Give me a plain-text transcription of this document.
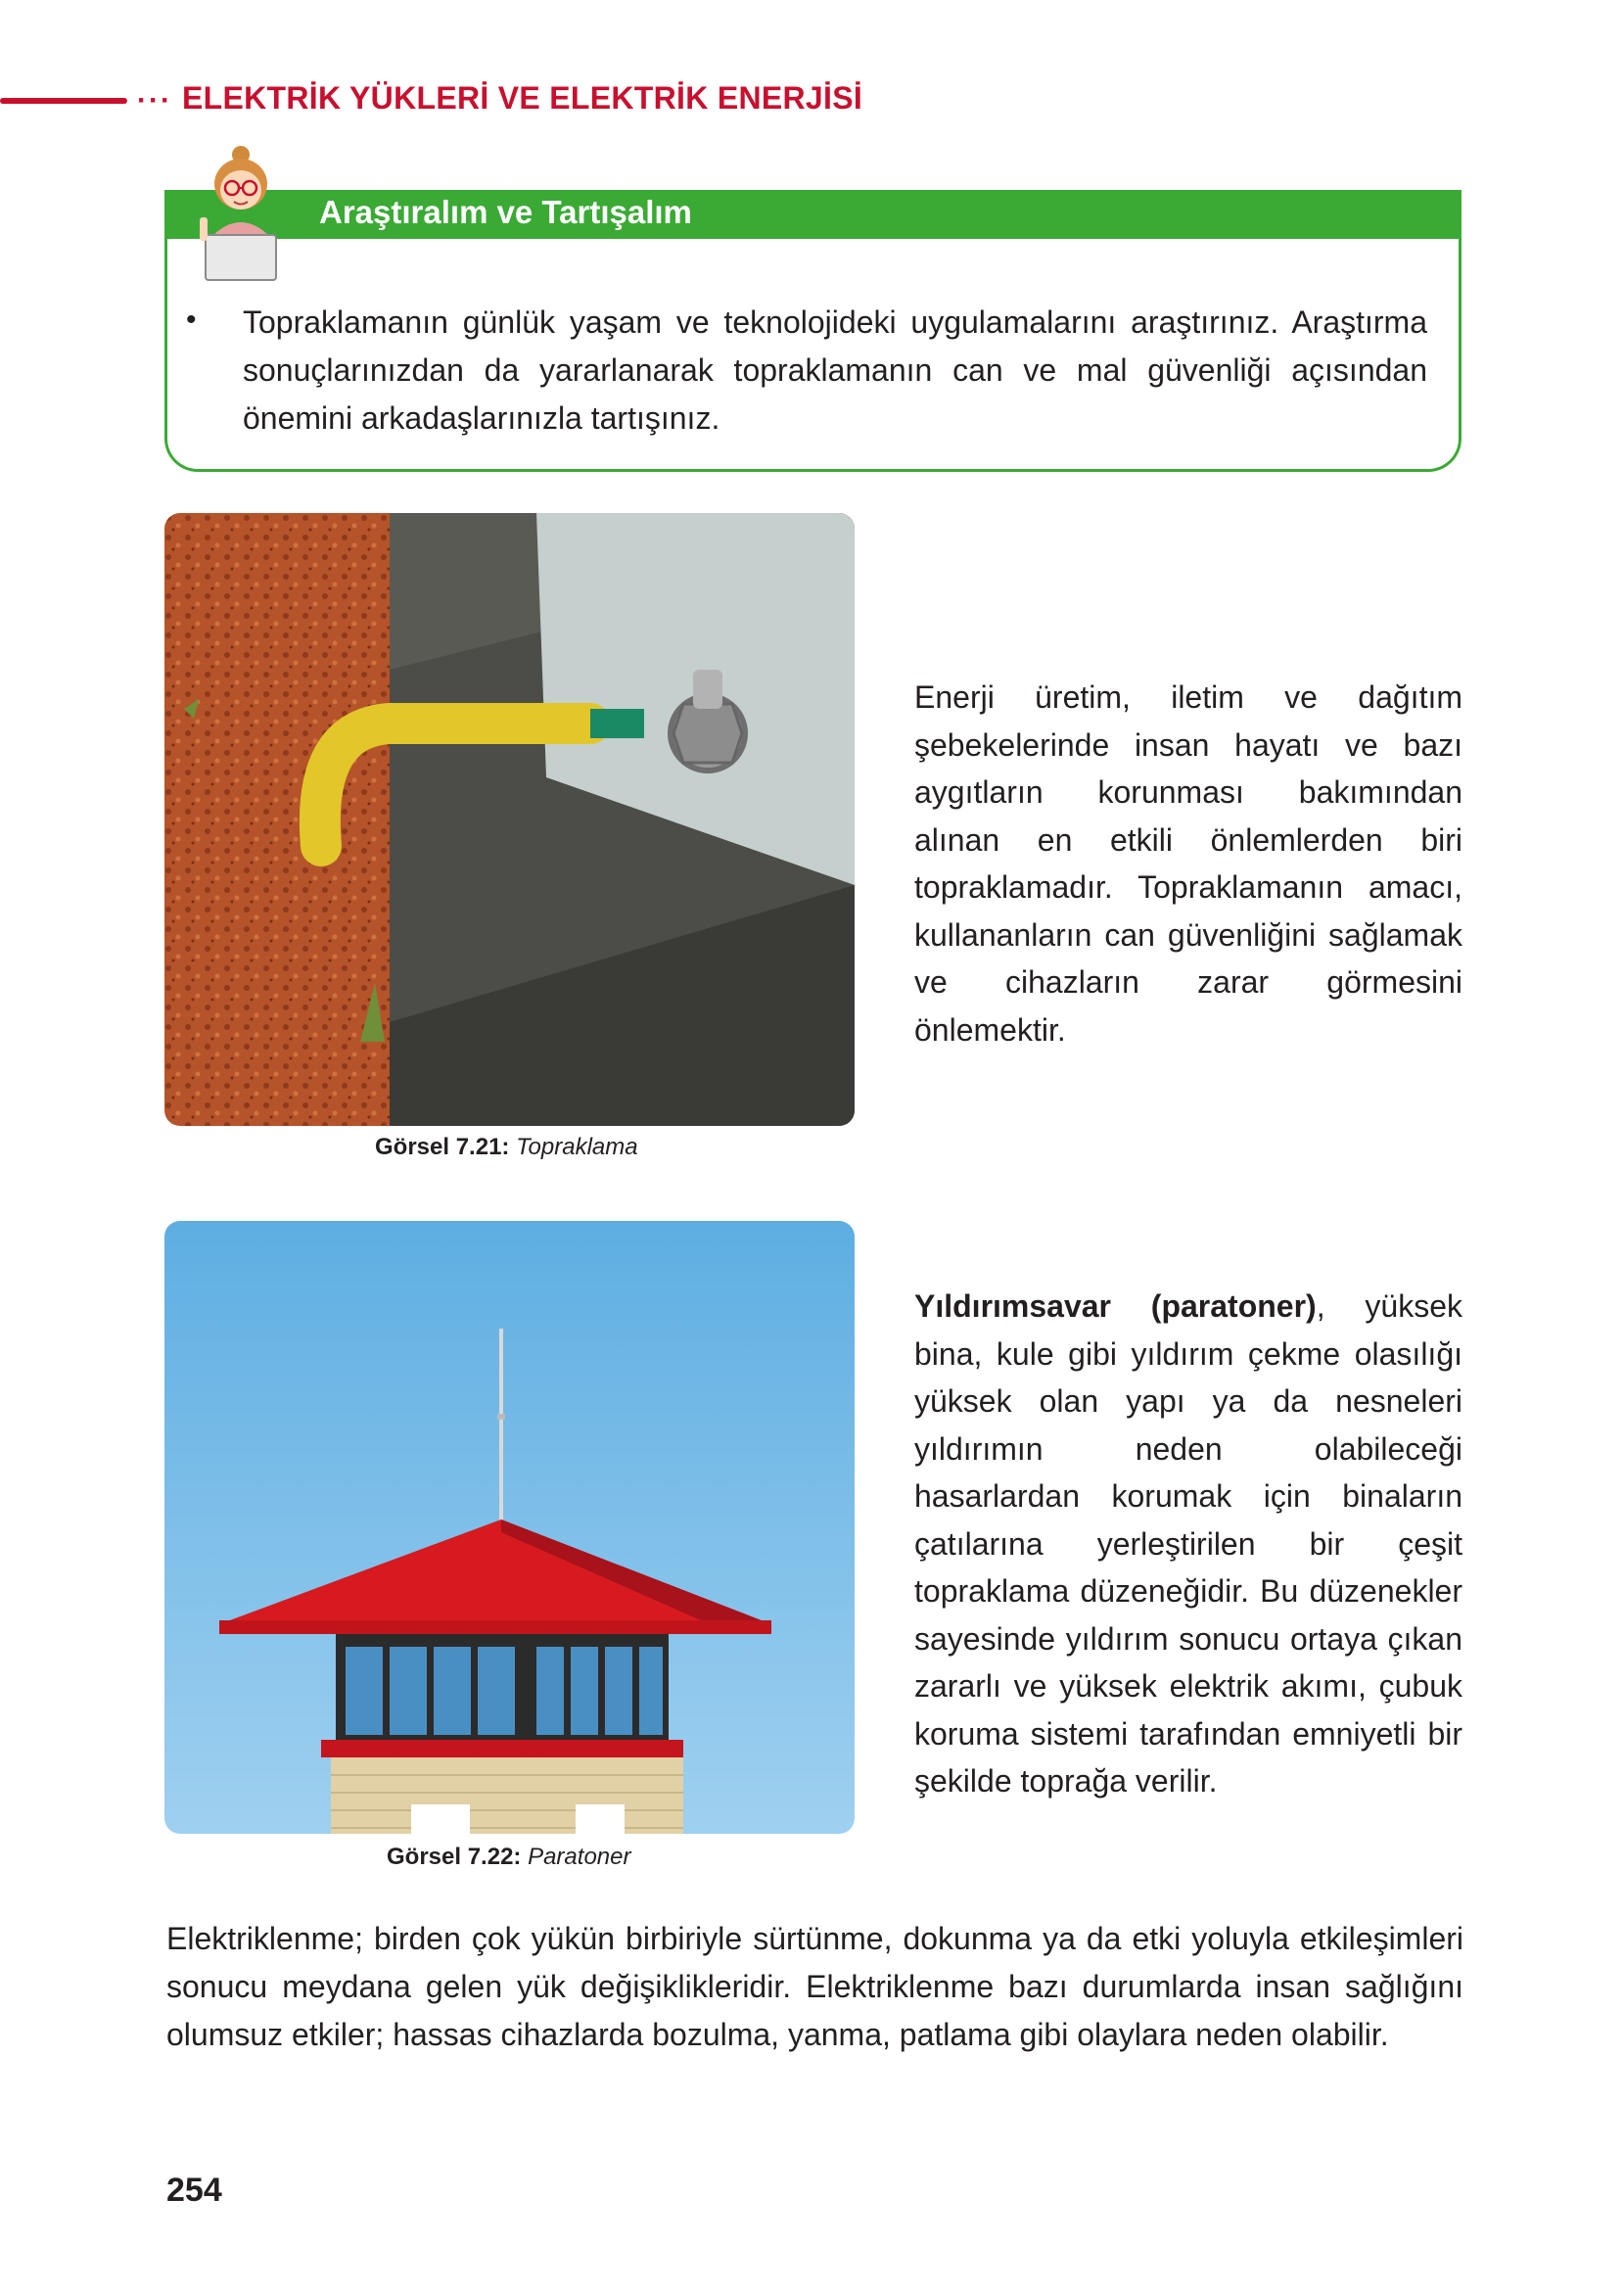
··· ELEKTRİK YÜKLERİ VE ELEKTRİK ENERJİSİ
Araştıralım ve Tartışalım
• Topraklamanın günlük yaşam ve teknolojideki uygulamalarını araştırınız. Araştırma sonuçlarınızdan da yararlanarak topraklamanın can ve mal güvenliği açısından önemini arkadaşlarınızla tartışınız.
Görsel 7.21: Topraklama
Enerji üretim, iletim ve dağıtım şebekelerinde insan hayatı ve bazı aygıtların korunması bakımından alınan en etkili önlemlerden biri topraklamadır. Topraklamanın amacı, kullananların can güvenliğini sağlamak ve cihazların zarar görmesini önlemektir.
Görsel 7.22: Paratoner
Yıldırımsavar (paratoner), yüksek bina, kule gibi yıldırım çekme olasılığı yüksek olan yapı ya da nesneleri yıldırımın neden olabileceği hasarlardan korumak için binaların çatılarına yerleştirilen bir çeşit topraklama düzeneğidir. Bu düzenekler sayesinde yıldırım sonucu ortaya çıkan zararlı ve yüksek elektrik akımı, çubuk koruma sistemi tarafından emniyetli bir şekilde toprağa verilir.
Elektriklenme; birden çok yükün birbiriyle sürtünme, dokunma ya da etki yoluyla etkileşimleri sonucu meydana gelen yük değişiklikleridir. Elektriklenme bazı durumlarda insan sağlığını olumsuz etkiler; hassas cihazlarda bozulma, yanma, patlama gibi olaylara neden olabilir.
254
